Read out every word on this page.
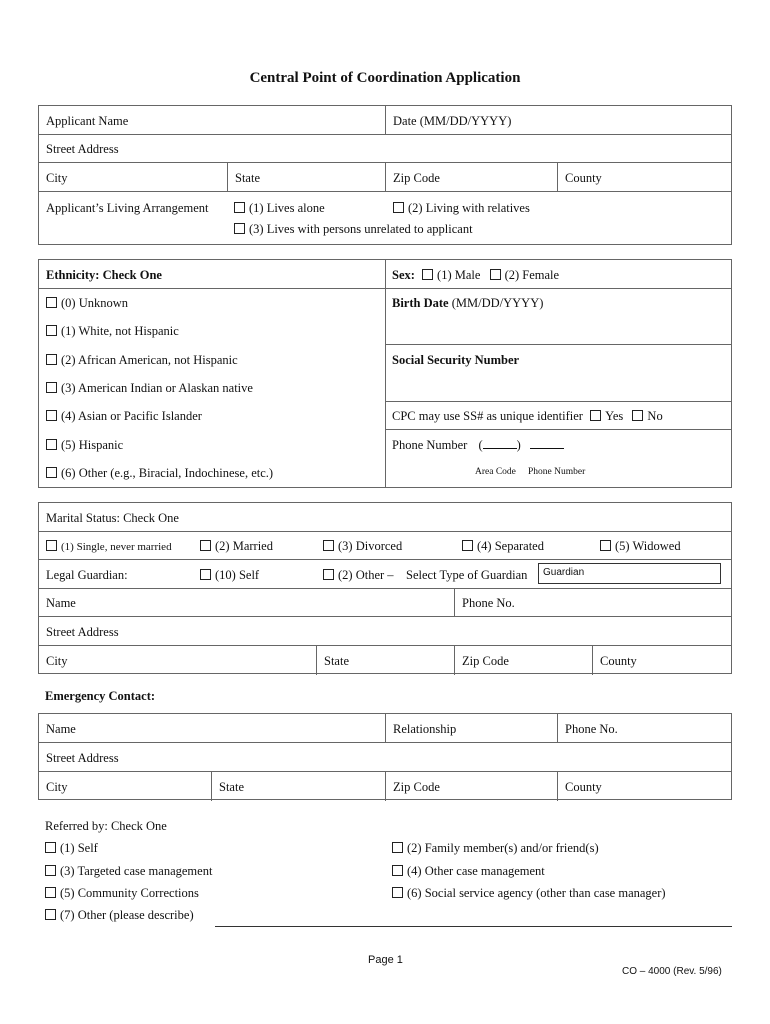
Central Point of Coordination Application
Applicant Name	Date (MM/DD/YYYY)
Street Address
City	State	Zip Code	County
Applicant’s Living Arrangement	(1) Lives alone	(2) Living with relatives
(3) Lives with persons unrelated to applicant
Ethnicity: Check One
(0) Unknown
(1) White, not Hispanic
(2) African American, not Hispanic
(3) American Indian or Alaskan native
(4) Asian or Pacific Islander
(5) Hispanic
(6) Other (e.g., Biracial, Indochinese, etc.)
Sex: (1) Male (2) Female
Birth Date (MM/DD/YYYY)
Social Security Number
CPC may use SS# as unique identifier Yes No
Phone Number (	)
Area Code Phone Number
Marital Status: Check One
(1) Single, never married	(2) Married	(3) Divorced	(4) Separated	(5) Widowed
Legal Guardian:	(10) Self	(2) Other – Select Type of Guardian	Guardian
Name	Phone No.
Street Address
City	State	Zip Code	County
Emergency Contact:
Name	Relationship	Phone No.
Street Address
City	State	Zip Code	County
Referred by: Check One
(1) Self	(2) Family member(s) and/or friend(s)
(3) Targeted case management	(4) Other case management
(5) Community Corrections	(6) Social service agency (other than case manager)
(7) Other (please describe)
Page 1
CO – 4000 (Rev. 5/96)
